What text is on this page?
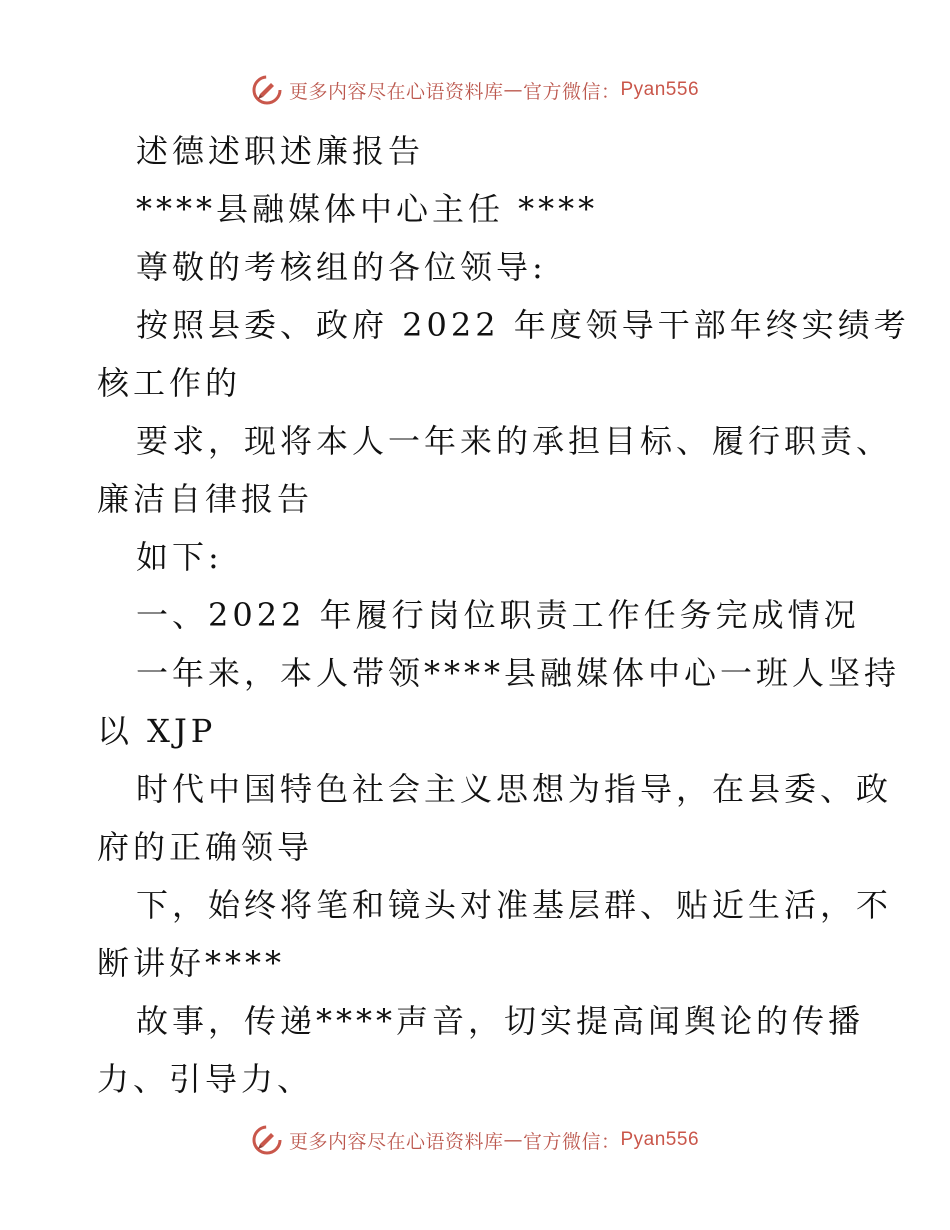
更多内容尽在心语资料库 — 官方微信： Pyan556
述德述职述廉报告
****县融媒体中心主任 ****
尊敬的考核组的各位领导:
按照县委、政府 2022 年度领导干部年终实绩考
核工作的
要求，现将本人一年来的承担目标、履行职责、
廉洁自律报告
如下:
一、2022 年履行岗位职责工作任务完成情况
一年来，本人带领****县融媒体中心一班人坚持
以 XJP
时代中国特色社会主义思想为指导，在县委、政
府的正确领导
下，始终将笔和镜头对准基层群、贴近生活，不
断讲好****
故事，传递****声音，切实提高闻舆论的传播
力、引导力、
更多内容尽在心语资料库 — 官方微信： Pyan556
